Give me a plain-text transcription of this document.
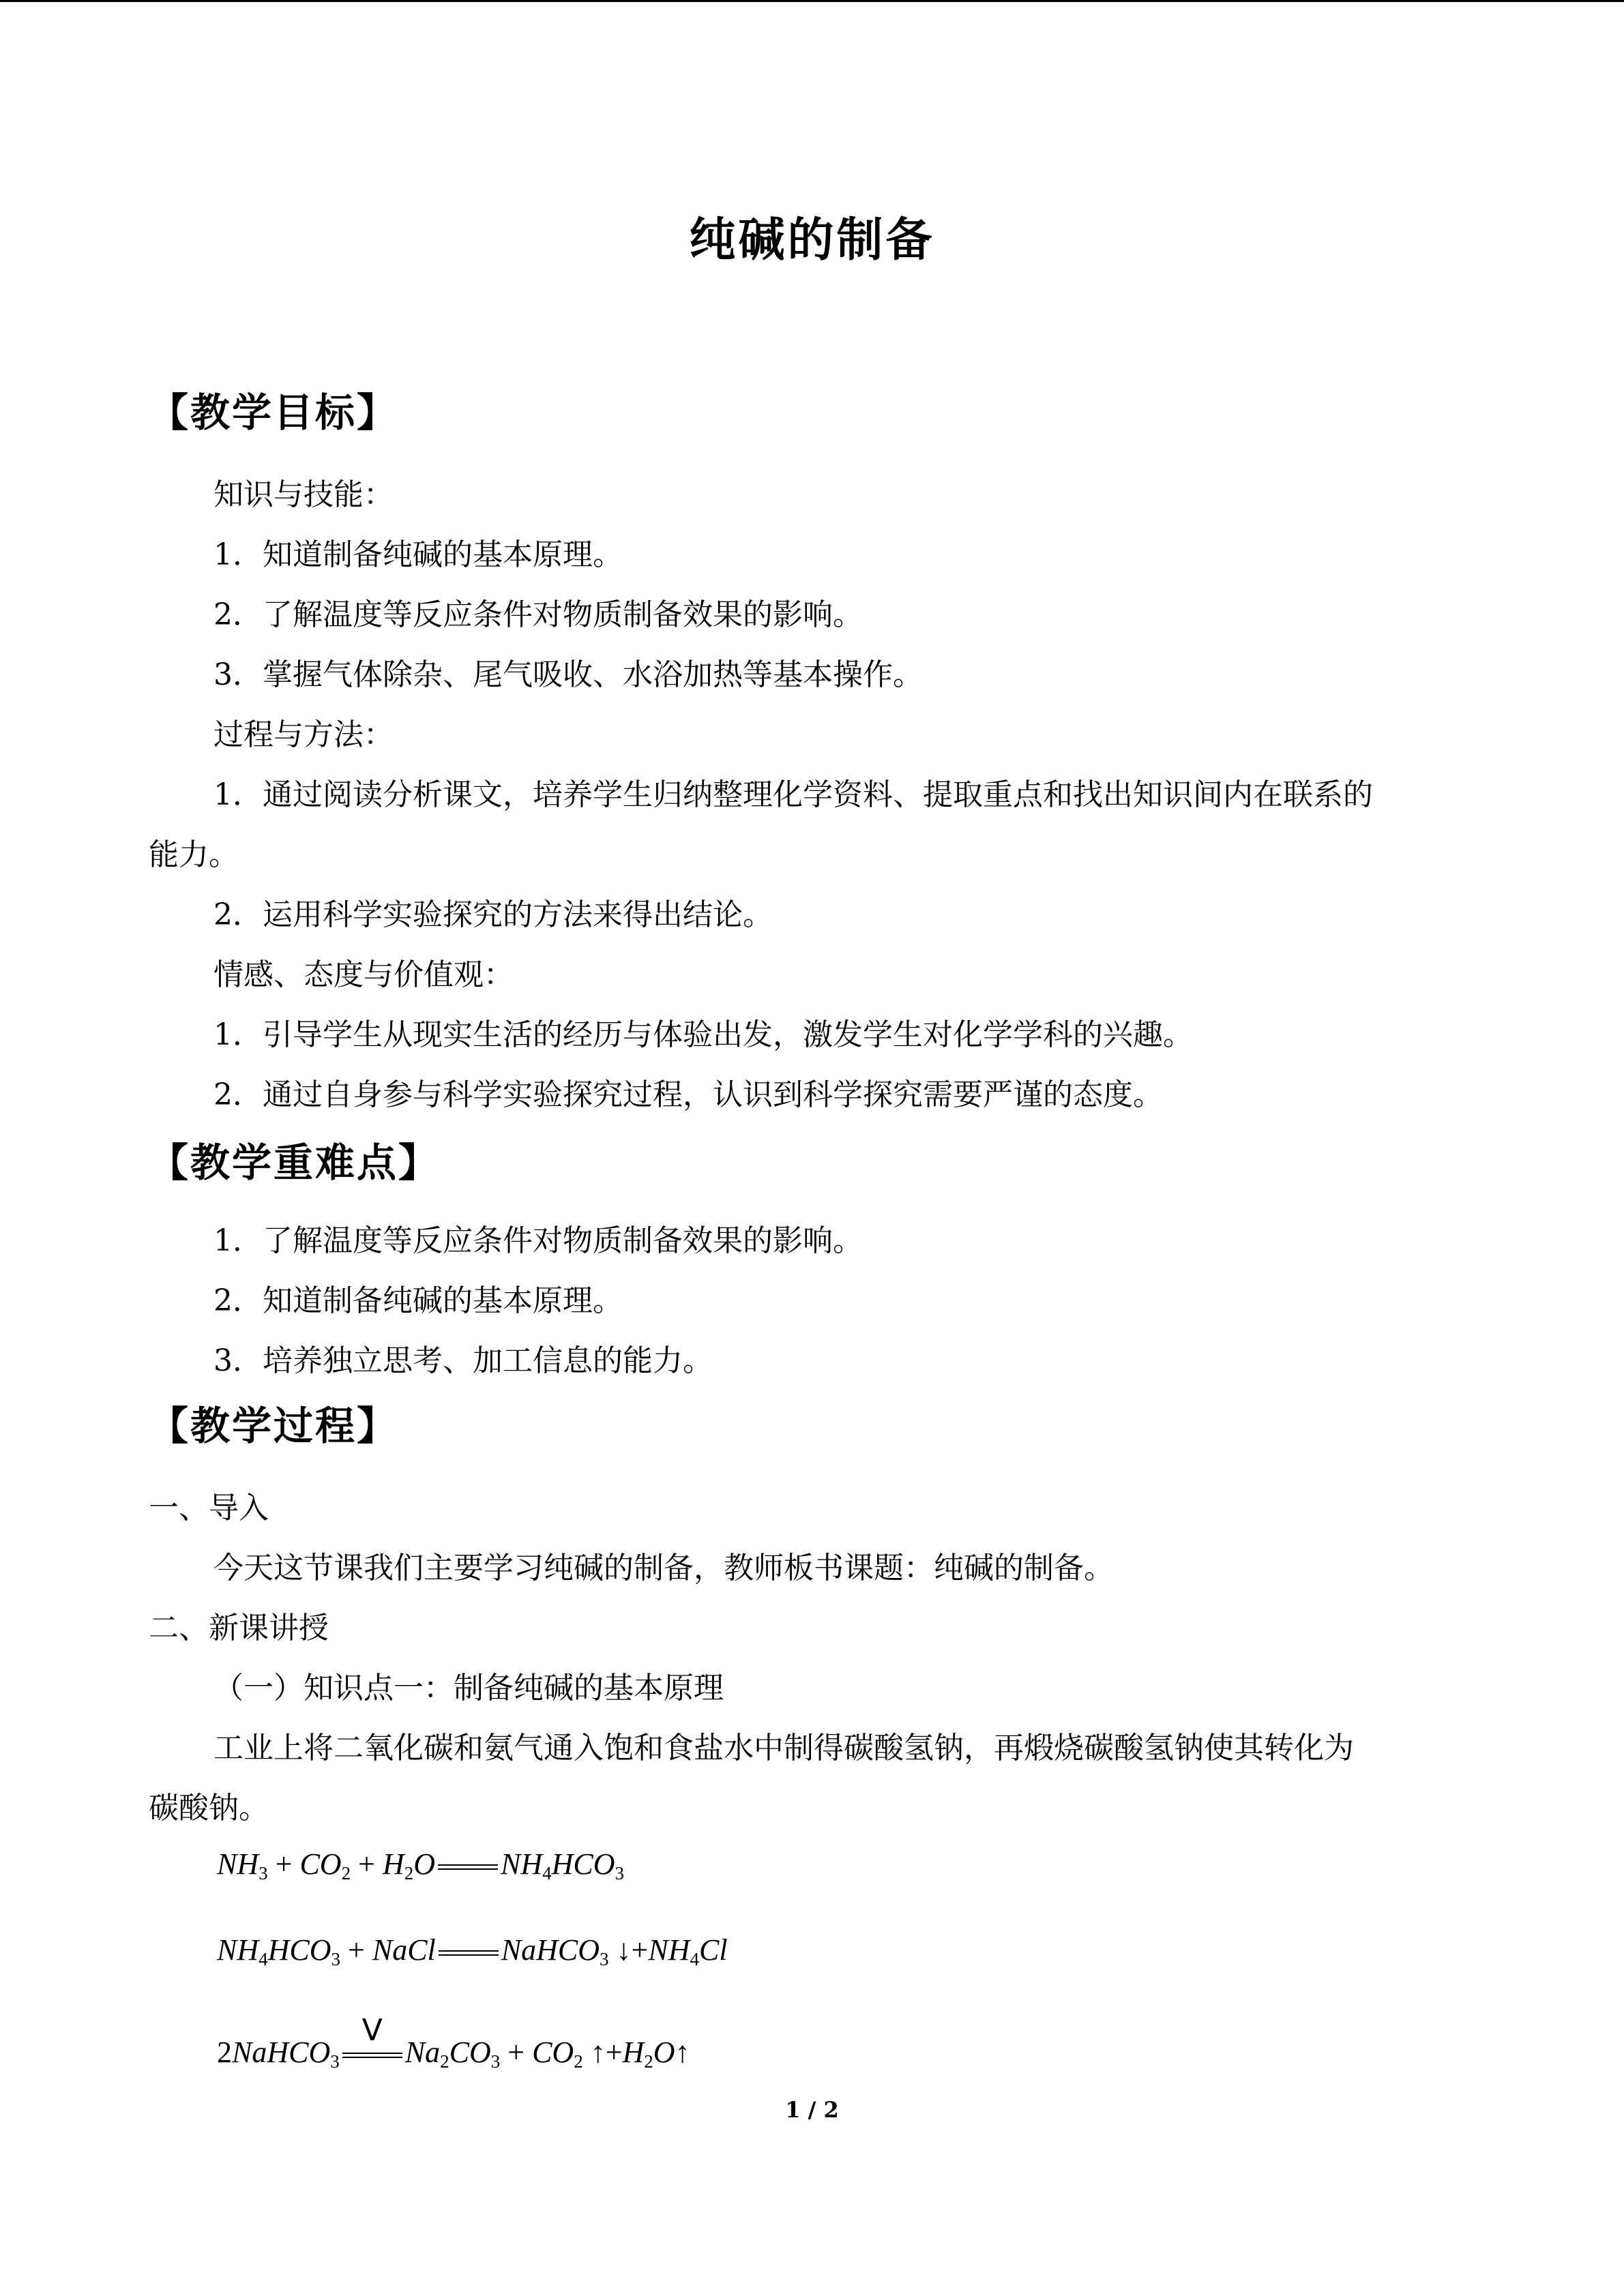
纯碱的制备
【教学目标】
知识与技能：
1．知道制备纯碱的基本原理。
2．了解温度等反应条件对物质制备效果的影响。
3．掌握气体除杂、尾气吸收、水浴加热等基本操作。
过程与方法：
1．通过阅读分析课文，培养学生归纳整理化学资料、提取重点和找出知识间内在联系的
能力。
2．运用科学实验探究的方法来得出结论。
情感、态度与价值观：
1．引导学生从现实生活的经历与体验出发，激发学生对化学学科的兴趣。
2．通过自身参与科学实验探究过程，认识到科学探究需要严谨的态度。
【教学重难点】
1．了解温度等反应条件对物质制备效果的影响。
2．知道制备纯碱的基本原理。
3．培养独立思考、加工信息的能力。
【教学过程】
一、导入
今天这节课我们主要学习纯碱的制备，教师板书课题：纯碱的制备。
二、新课讲授
（一）知识点一：制备纯碱的基本原理
工业上将二氧化碳和氨气通入饱和食盐水中制得碳酸氢钠，再煅烧碳酸氢钠使其转化为
碳酸钠。
$NH_3 + CO_2 + H_2O$ $NH_4HCO_3$
$NH_4HCO_3$ + NaCl NaHCO$_3$ $↓+NH_4Cl$
2NaHCO$_3$
V
$Na_2CO_3 + CO_2$ $↑+H_2O↑$
1 / 2
